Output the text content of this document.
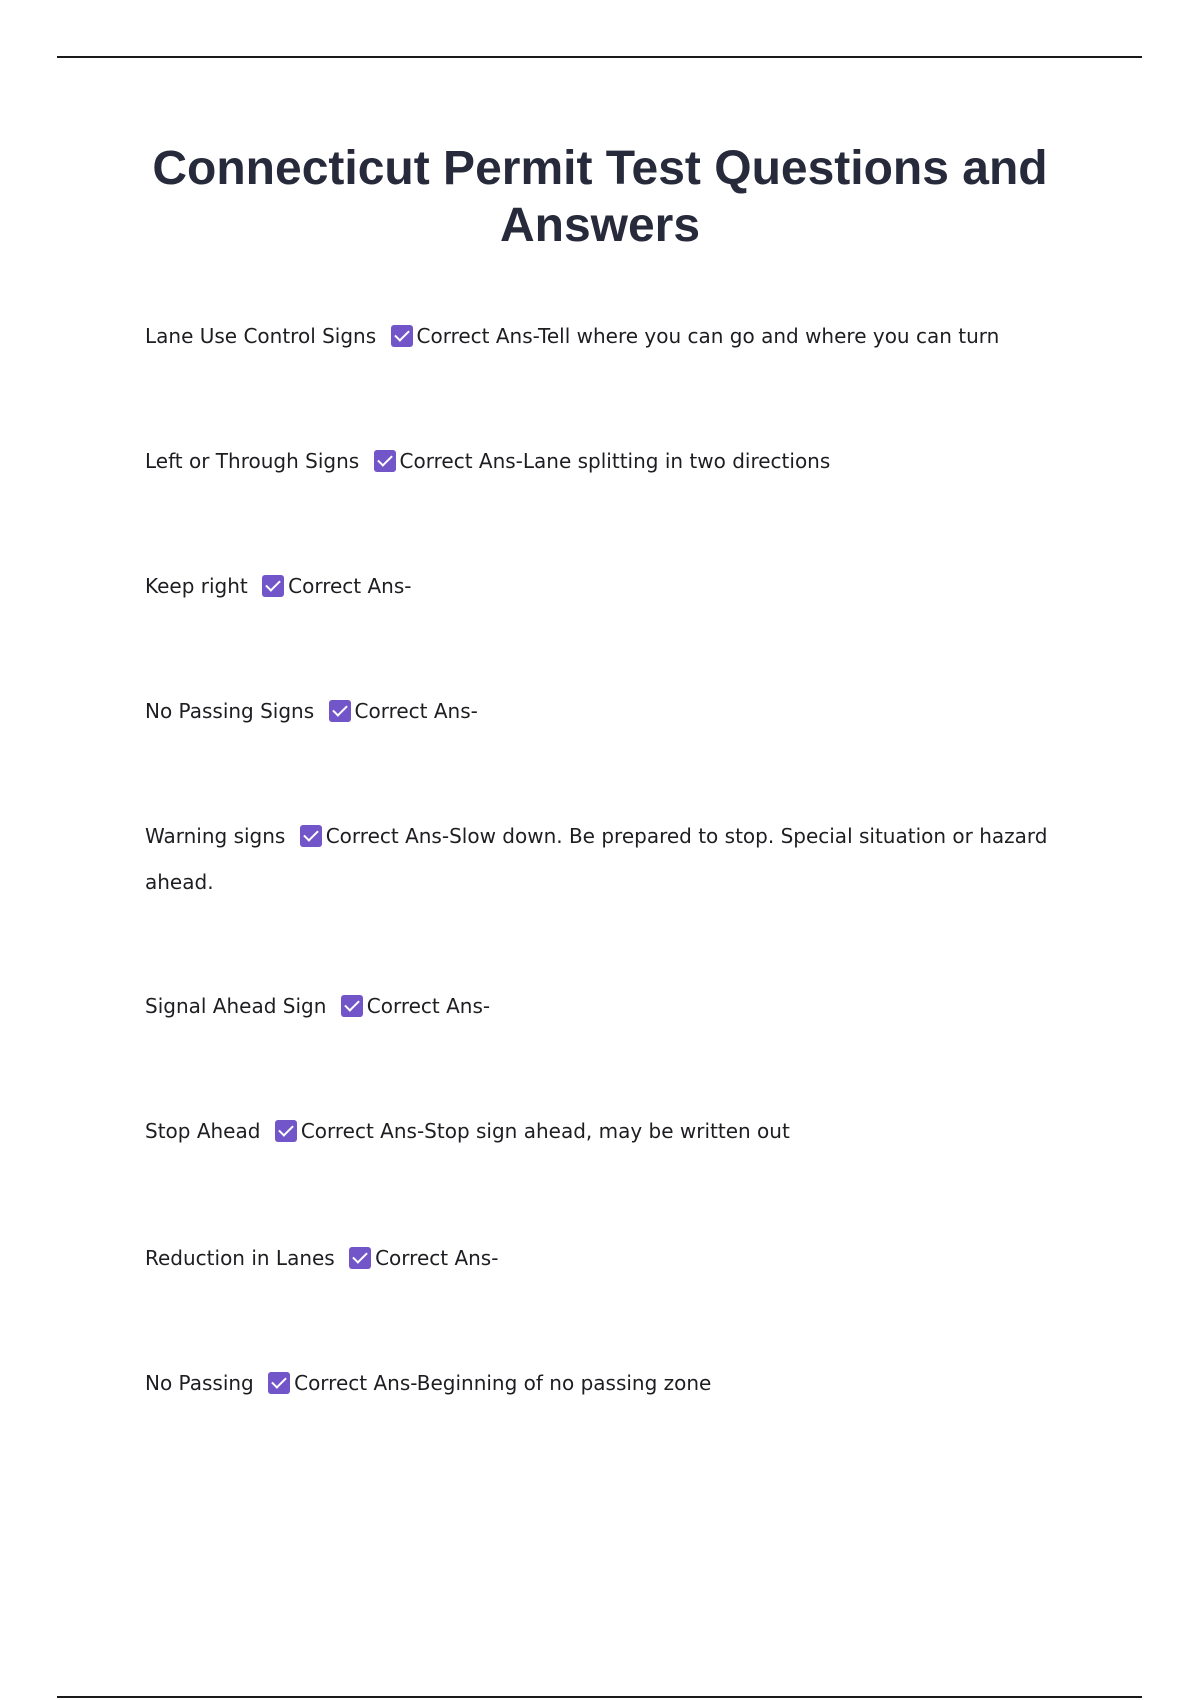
Connecticut Permit Test Questions and Answers

Lane Use Control Signs Correct Ans-Tell where you can go and where you can turn

Left or Through Signs Correct Ans-Lane splitting in two directions

Keep right Correct Ans-

No Passing Signs Correct Ans-

Warning signs Correct Ans-Slow down. Be prepared to stop. Special situation or hazard ahead.

Signal Ahead Sign Correct Ans-

Stop Ahead Correct Ans-Stop sign ahead, may be written out

Reduction in Lanes Correct Ans-

No Passing Correct Ans-Beginning of no passing zone
